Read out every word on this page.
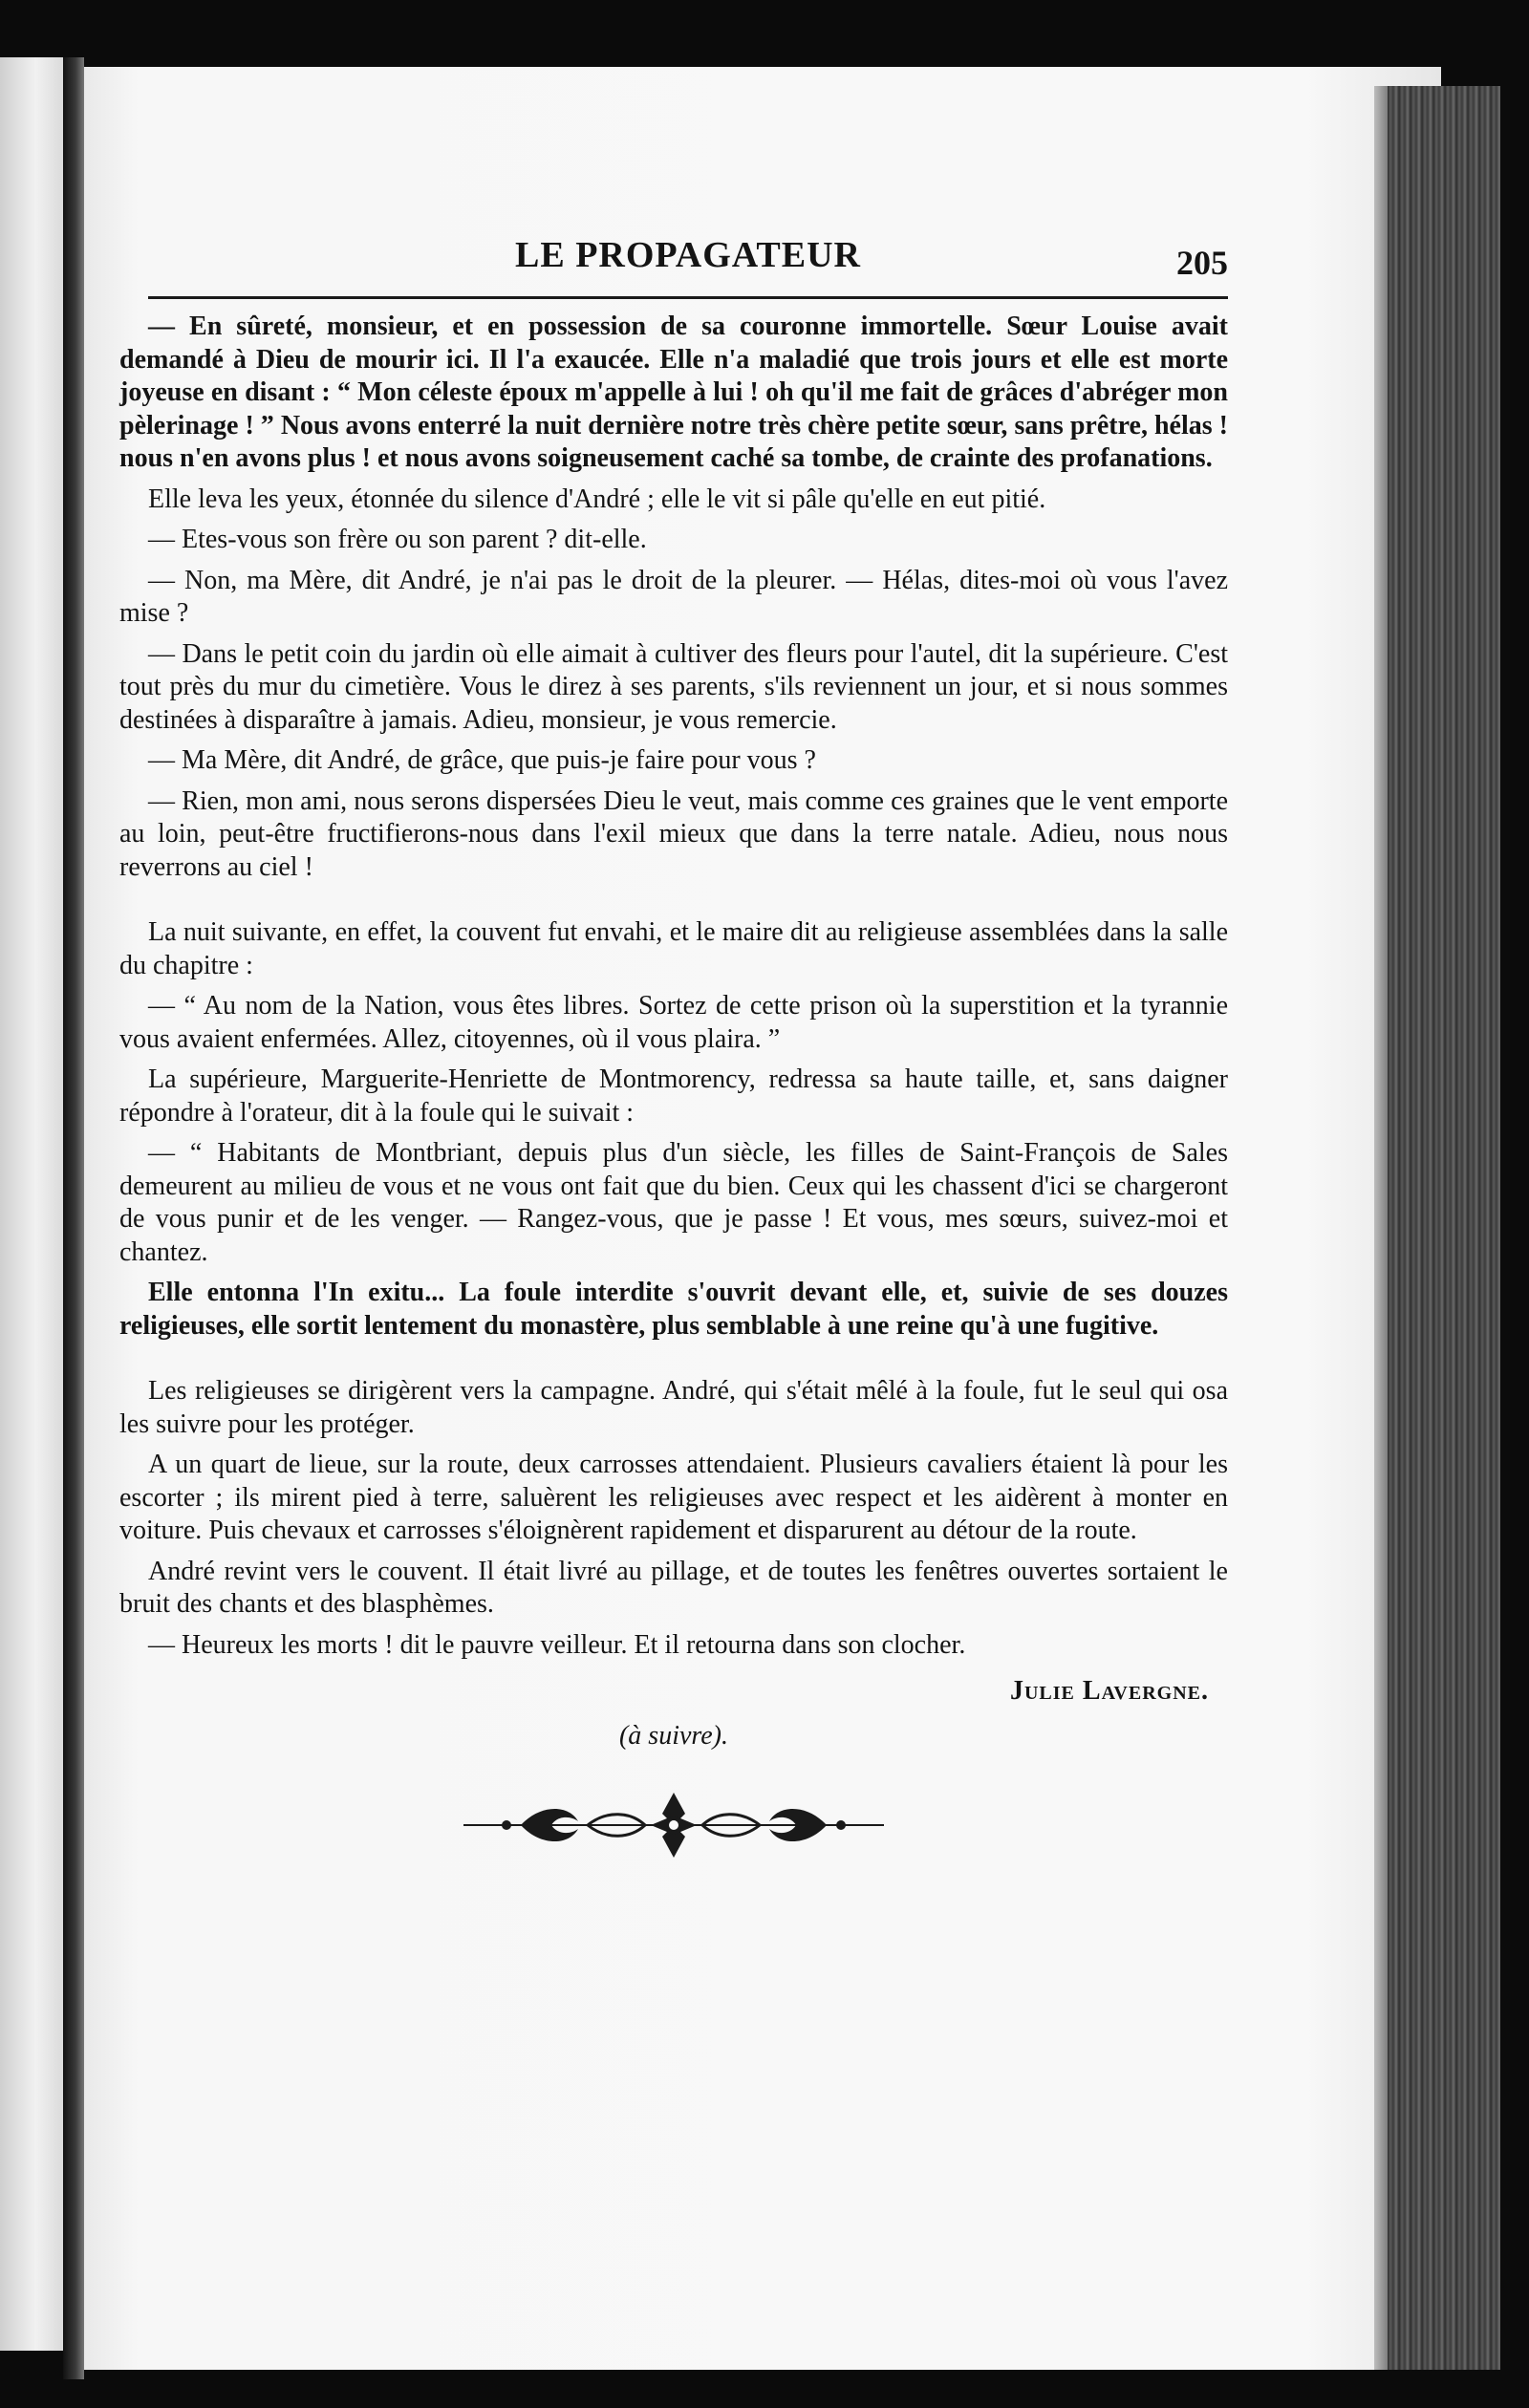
LE PROPAGATEUR	205

— En sûreté, monsieur, et en possession de sa couronne immortelle. Sœur Louise avait demandé à Dieu de mourir ici. Il l'a exaucée. Elle n'a maladié que trois jours et elle est morte joyeuse en disant : “ Mon céleste époux m'appelle à lui ! oh qu'il me fait de grâces d'abréger mon pèlerinage ! ” Nous avons enterré la nuit dernière notre très chère petite sœur, sans prêtre, hélas ! nous n'en avons plus ! et nous avons soigneusement caché sa tombe, de crainte des profanations.

Elle leva les yeux, étonnée du silence d'André ; elle le vit si pâle qu'elle en eut pitié.

— Etes-vous son frère ou son parent ? dit-elle.

— Non, ma Mère, dit André, je n'ai pas le droit de la pleurer. — Hélas, dites-moi où vous l'avez mise ?

— Dans le petit coin du jardin où elle aimait à cultiver des fleurs pour l'autel, dit la supérieure. C'est tout près du mur du cimetière. Vous le direz à ses parents, s'ils reviennent un jour, et si nous sommes destinées à disparaître à jamais. Adieu, monsieur, je vous remercie.

— Ma Mère, dit André, de grâce, que puis-je faire pour vous ?

— Rien, mon ami, nous serons dispersées Dieu le veut, mais comme ces graines que le vent emporte au loin, peut-être fructifierons-nous dans l'exil mieux que dans la terre natale. Adieu, nous nous reverrons au ciel !

La nuit suivante, en effet, la couvent fut envahi, et le maire dit au religieuse assemblées dans la salle du chapitre :

— “ Au nom de la Nation, vous êtes libres. Sortez de cette prison où la superstition et la tyrannie vous avaient enfermées. Allez, citoyennes, où il vous plaira. ”

La supérieure, Marguerite-Henriette de Montmorency, redressa sa haute taille, et, sans daigner répondre à l'orateur, dit à la foule qui le suivait :

— “ Habitants de Montbriant, depuis plus d'un siècle, les filles de Saint-François de Sales demeurent au milieu de vous et ne vous ont fait que du bien. Ceux qui les chassent d'ici se chargeront de vous punir et de les venger. — Rangez-vous, que je passe ! Et vous, mes sœurs, suivez-moi et chantez.

Elle entonna l'In exitu... La foule interdite s'ouvrit devant elle, et, suivie de ses douzes religieuses, elle sortit lentement du monastère, plus semblable à une reine qu'à une fugitive.

Les religieuses se dirigèrent vers la campagne. André, qui s'était mêlé à la foule, fut le seul qui osa les suivre pour les protéger.

A un quart de lieue, sur la route, deux carrosses attendaient. Plusieurs cavaliers étaient là pour les escorter ; ils mirent pied à terre, saluèrent les religieuses avec respect et les aidèrent à monter en voiture. Puis chevaux et carrosses s'éloignèrent rapidement et disparurent au détour de la route.

André revint vers le couvent. Il était livré au pillage, et de toutes les fenêtres ouvertes sortaient le bruit des chants et des blasphèmes.

— Heureux les morts ! dit le pauvre veilleur. Et il retourna dans son clocher.

Julie Lavergne.
(à suivre).
